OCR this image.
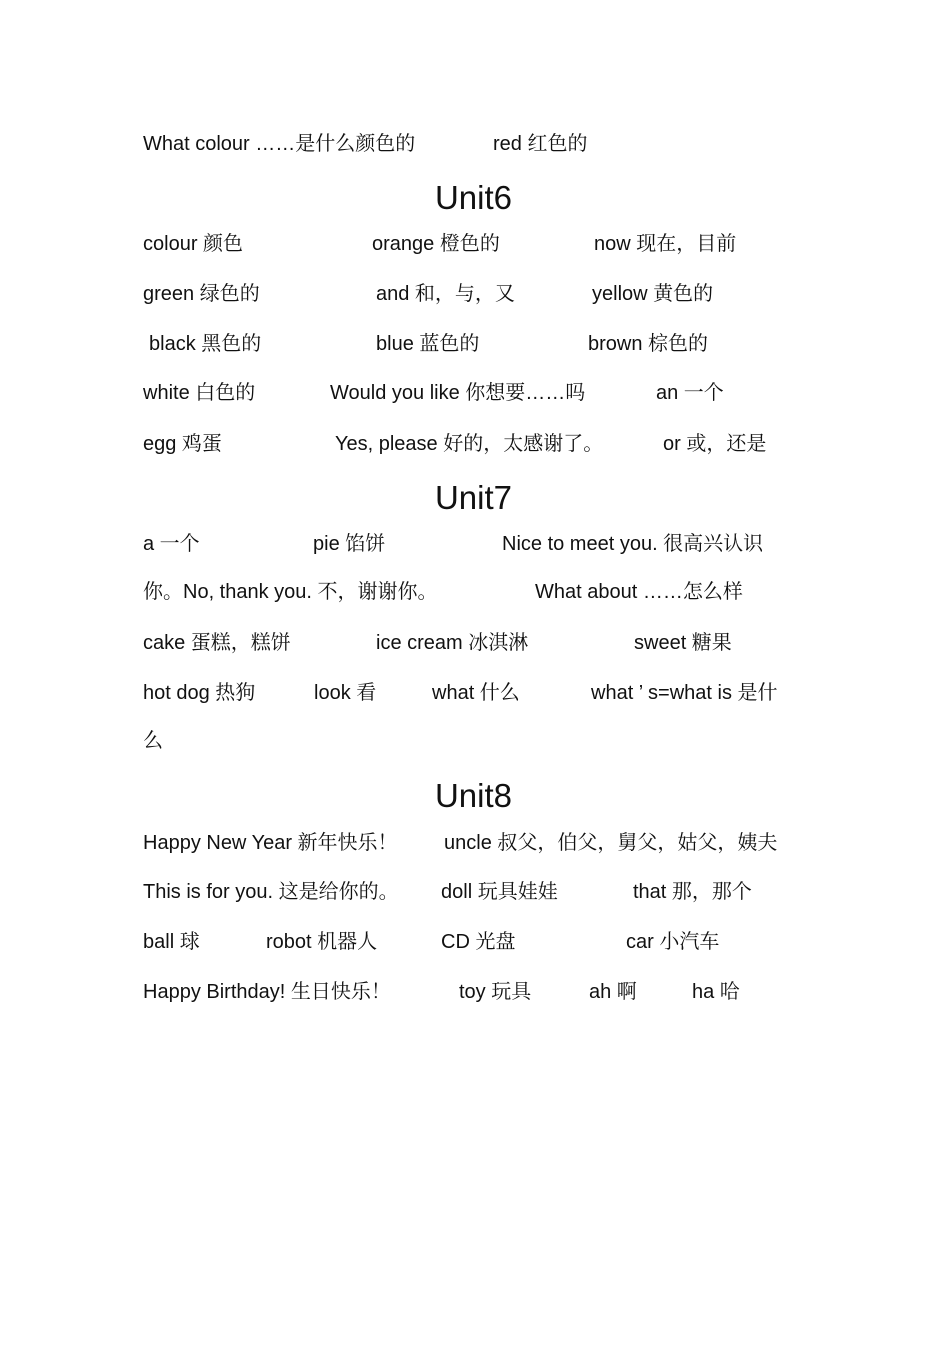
What colour ……是什么颜色的	red 红色的
Unit6
colour 颜色	orange 橙色的	now 现在，目前
green 绿色的	and 和，与，又	yellow 黄色的
black 黑色的	blue 蓝色的	brown 棕色的
white 白色的	Would you like 你想要……吗	an 一个
egg 鸡蛋	Yes, please 好的，太感谢了。	or 或，还是
Unit7
a 一个	pie 馅饼	Nice to meet you. 很高兴认识
你。No, thank you. 不，谢谢你。	What about ……怎么样
cake 蛋糕，糕饼	ice cream 冰淇淋	sweet 糖果
hot dog 热狗	look 看	what 什么	what ’ s=what is 是什
么
Unit8
Happy New Year 新年快乐！ uncle 叔父，伯父，舅父，姑父，姨夫
This is for you. 这是给你的。 doll 玩具娃娃	that 那，那个
ball 球	robot 机器人	CD 光盘	car 小汽车
Happy Birthday! 生日快乐！	toy 玩具	ah 啊	ha 哈
